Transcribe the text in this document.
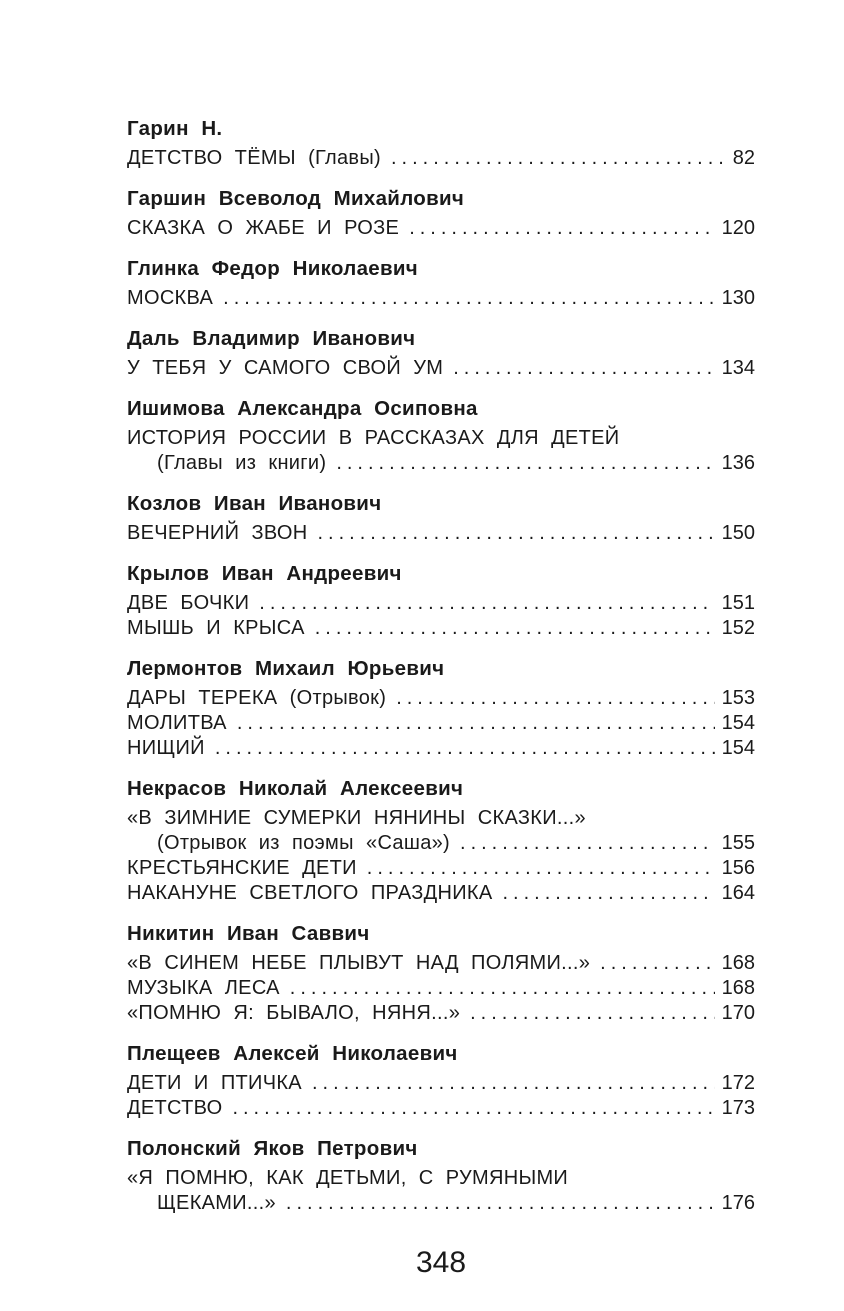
Гарин Н.
ДЕТСТВО ТЁМЫ (Главы) .....	82
Гаршин Всеволод Михайлович
СКАЗКА О ЖАБЕ И РОЗЕ .....	120
Глинка Федор Николаевич
МОСКВА .....	130
Даль Владимир Иванович
У ТЕБЯ У САМОГО СВОЙ УМ .....	134
Ишимова Александра Осиповна
ИСТОРИЯ РОССИИ В РАССКАЗАХ ДЛЯ ДЕТЕЙ
(Главы из книги) .....	136
Козлов Иван Иванович
ВЕЧЕРНИЙ ЗВОН .....	150
Крылов Иван Андреевич
ДВЕ БОЧКИ .....	151
МЫШЬ И КРЫСА .....	152
Лермонтов Михаил Юрьевич
ДАРЫ ТЕРЕКА (Отрывок) .....	153
МОЛИТВА .....	154
НИЩИЙ .....	154
Некрасов Николай Алексеевич
«В ЗИМНИЕ СУМЕРКИ НЯНИНЫ СКАЗКИ...»
(Отрывок из поэмы «Саша») .....	155
КРЕСТЬЯНСКИЕ ДЕТИ .....	156
НАКАНУНЕ СВЕТЛОГО ПРАЗДНИКА .....	164
Никитин Иван Саввич
«В СИНЕМ НЕБЕ ПЛЫВУТ НАД ПОЛЯМИ...» .....	168
МУЗЫКА ЛЕСА .....	168
«ПОМНЮ Я: БЫВАЛО, НЯНЯ...» .....	170
Плещеев Алексей Николаевич
ДЕТИ И ПТИЧКА .....	172
ДЕТСТВО .....	173
Полонский Яков Петрович
«Я ПОМНЮ, КАК ДЕТЬМИ, С РУМЯНЫМИ
ЩЕКАМИ...» .....	176
348
